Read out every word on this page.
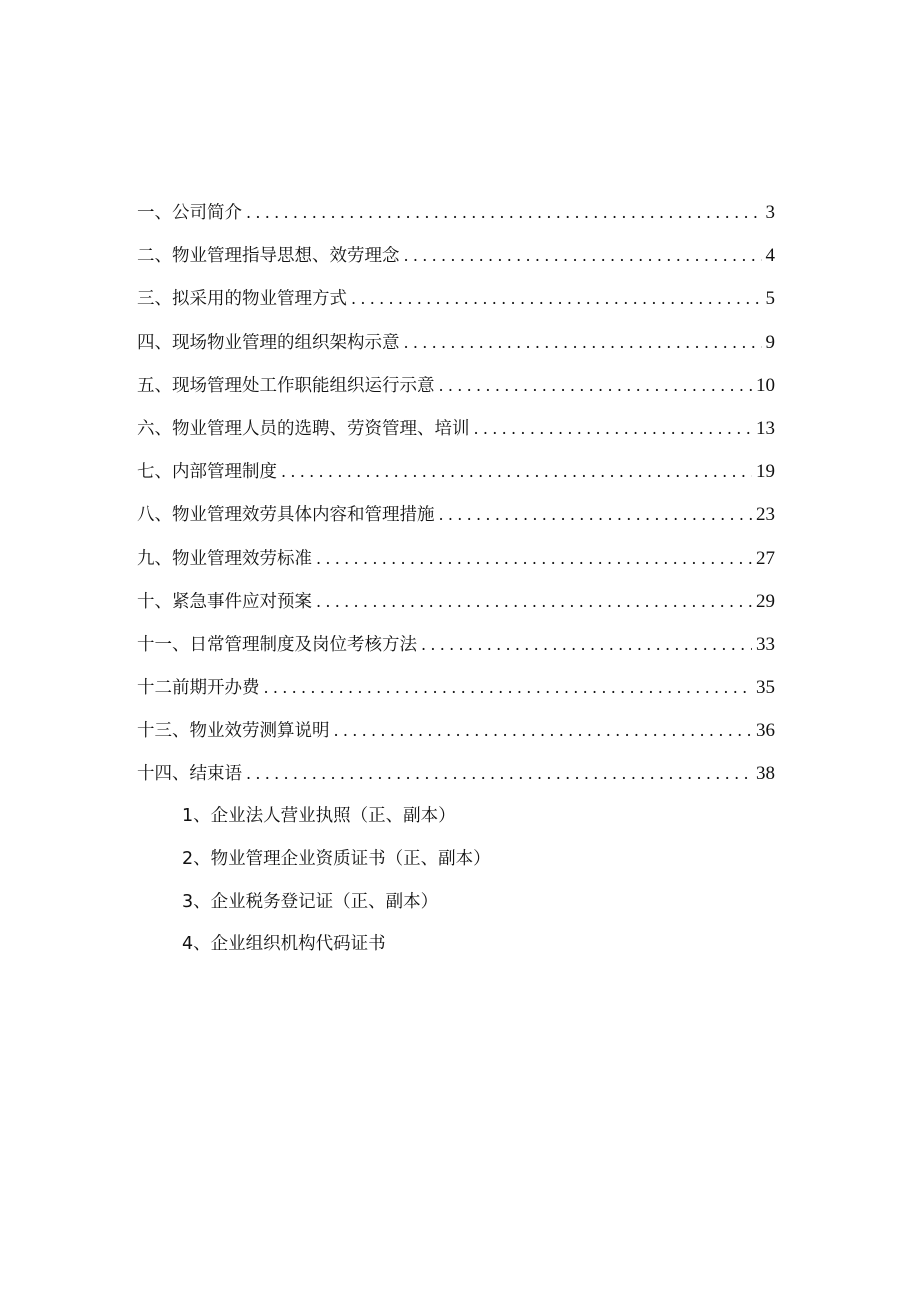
一、公司简介 .....	3
二、物业管理指导思想、效劳理念 .....	4
三、拟采用的物业管理方式 .....	5
四、现场物业管理的组织架构示意 .....	9
五、现场管理处工作职能组织运行示意 .....	10
六、物业管理人员的选聘、劳资管理、培训 .....	13
七、内部管理制度 .....	19
八、物业管理效劳具体内容和管理措施 .....	23
九、物业管理效劳标准 .....	27
十、紧急事件应对预案 .....	29
十一、日常管理制度及岗位考核方法 .....	33
十二前期开办费 .....	35
十三、物业效劳测算说明 .....	36
十四、结束语 .....	38
1、企业法人营业执照（正、副本）
2、物业管理企业资质证书（正、副本）
3、企业税务登记证（正、副本）
4、企业组织机构代码证书
